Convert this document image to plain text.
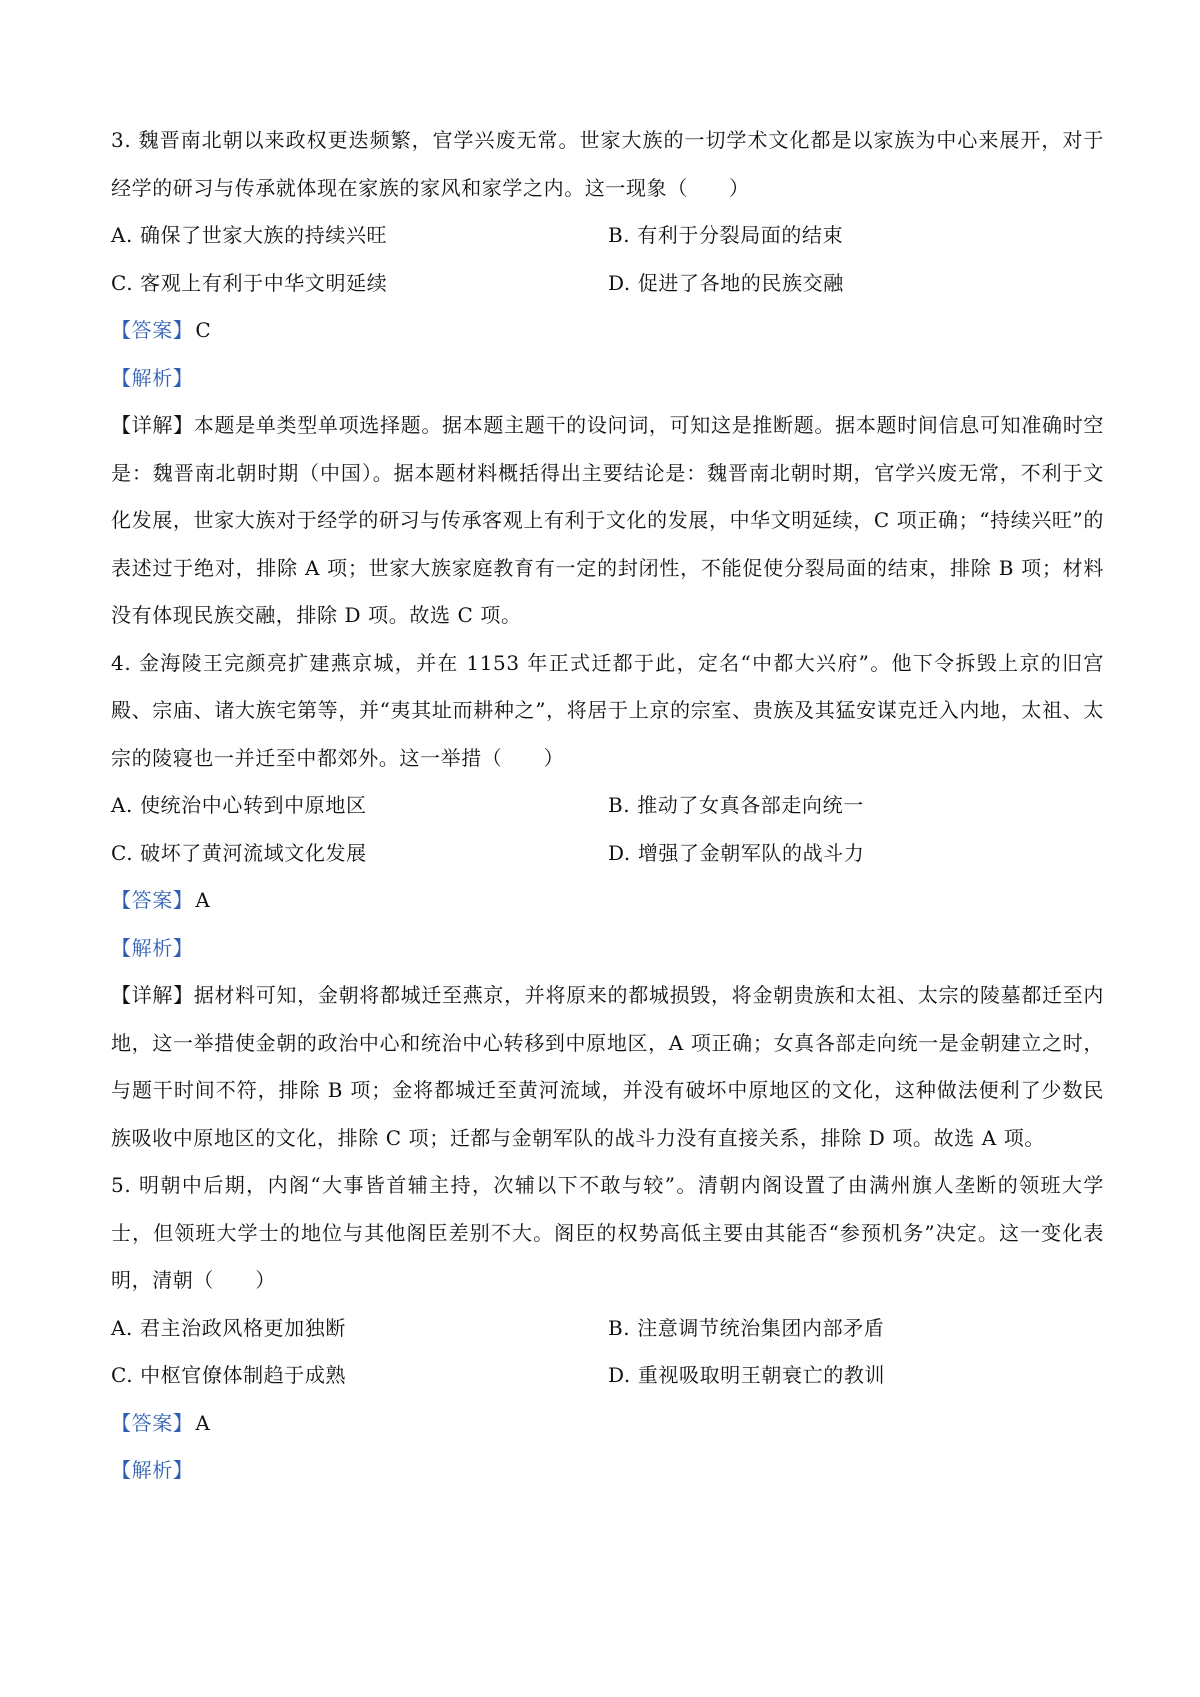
3. 魏晋南北朝以来政权更迭频繁，官学兴废无常。世家大族的一切学术文化都是以家族为中心来展开，对于经学的研习与传承就体现在家族的家风和家学之内。这一现象（　　）
A. 确保了世家大族的持续兴旺	B. 有利于分裂局面的结束
C. 客观上有利于中华文明延续	D. 促进了各地的民族交融
【答案】 C
【解析】
【详解】本题是单类型单项选择题。据本题主题干的设问词，可知这是推断题。据本题时间信息可知准确时空是：魏晋南北朝时期（中国）。据本题材料概括得出主要结论是：魏晋南北朝时期，官学兴废无常，不利于文化发展，世家大族对于经学的研习与传承客观上有利于文化的发展，中华文明延续，C 项正确；“持续兴旺”的表述过于绝对，排除 A 项；世家大族家庭教育有一定的封闭性，不能促使分裂局面的结束，排除 B 项；材料没有体现民族交融，排除 D 项。故选 C 项。
4. 金海陵王完颜亮扩建燕京城，并在 1153 年正式迁都于此，定名“中都大兴府”。他下令拆毁上京的旧宫殿、宗庙、诸大族宅第等，并“夷其址而耕种之”，将居于上京的宗室、贵族及其猛安谋克迁入内地，太祖、太宗的陵寝也一并迁至中都郊外。这一举措（　　）
A. 使统治中心转到中原地区	B. 推动了女真各部走向统一
C. 破坏了黄河流域文化发展	D. 增强了金朝军队的战斗力
【答案】 A
【解析】
【详解】据材料可知，金朝将都城迁至燕京，并将原来的都城损毁，将金朝贵族和太祖、太宗的陵墓都迁至内地，这一举措使金朝的政治中心和统治中心转移到中原地区，A 项正确；女真各部走向统一是金朝建立之时，与题干时间不符，排除 B 项；金将都城迁至黄河流域，并没有破坏中原地区的文化，这种做法便利了少数民族吸收中原地区的文化，排除 C 项；迁都与金朝军队的战斗力没有直接关系，排除 D 项。故选 A 项。
5. 明朝中后期，内阁“大事皆首辅主持，次辅以下不敢与较”。清朝内阁设置了由满州旗人垄断的领班大学士，但领班大学士的地位与其他阁臣差别不大。阁臣的权势高低主要由其能否“参预机务”决定。这一变化表明，清朝（　　）
A. 君主治政风格更加独断	B. 注意调节统治集团内部矛盾
C. 中枢官僚体制趋于成熟	D. 重视吸取明王朝衰亡的教训
【答案】 A
【解析】
